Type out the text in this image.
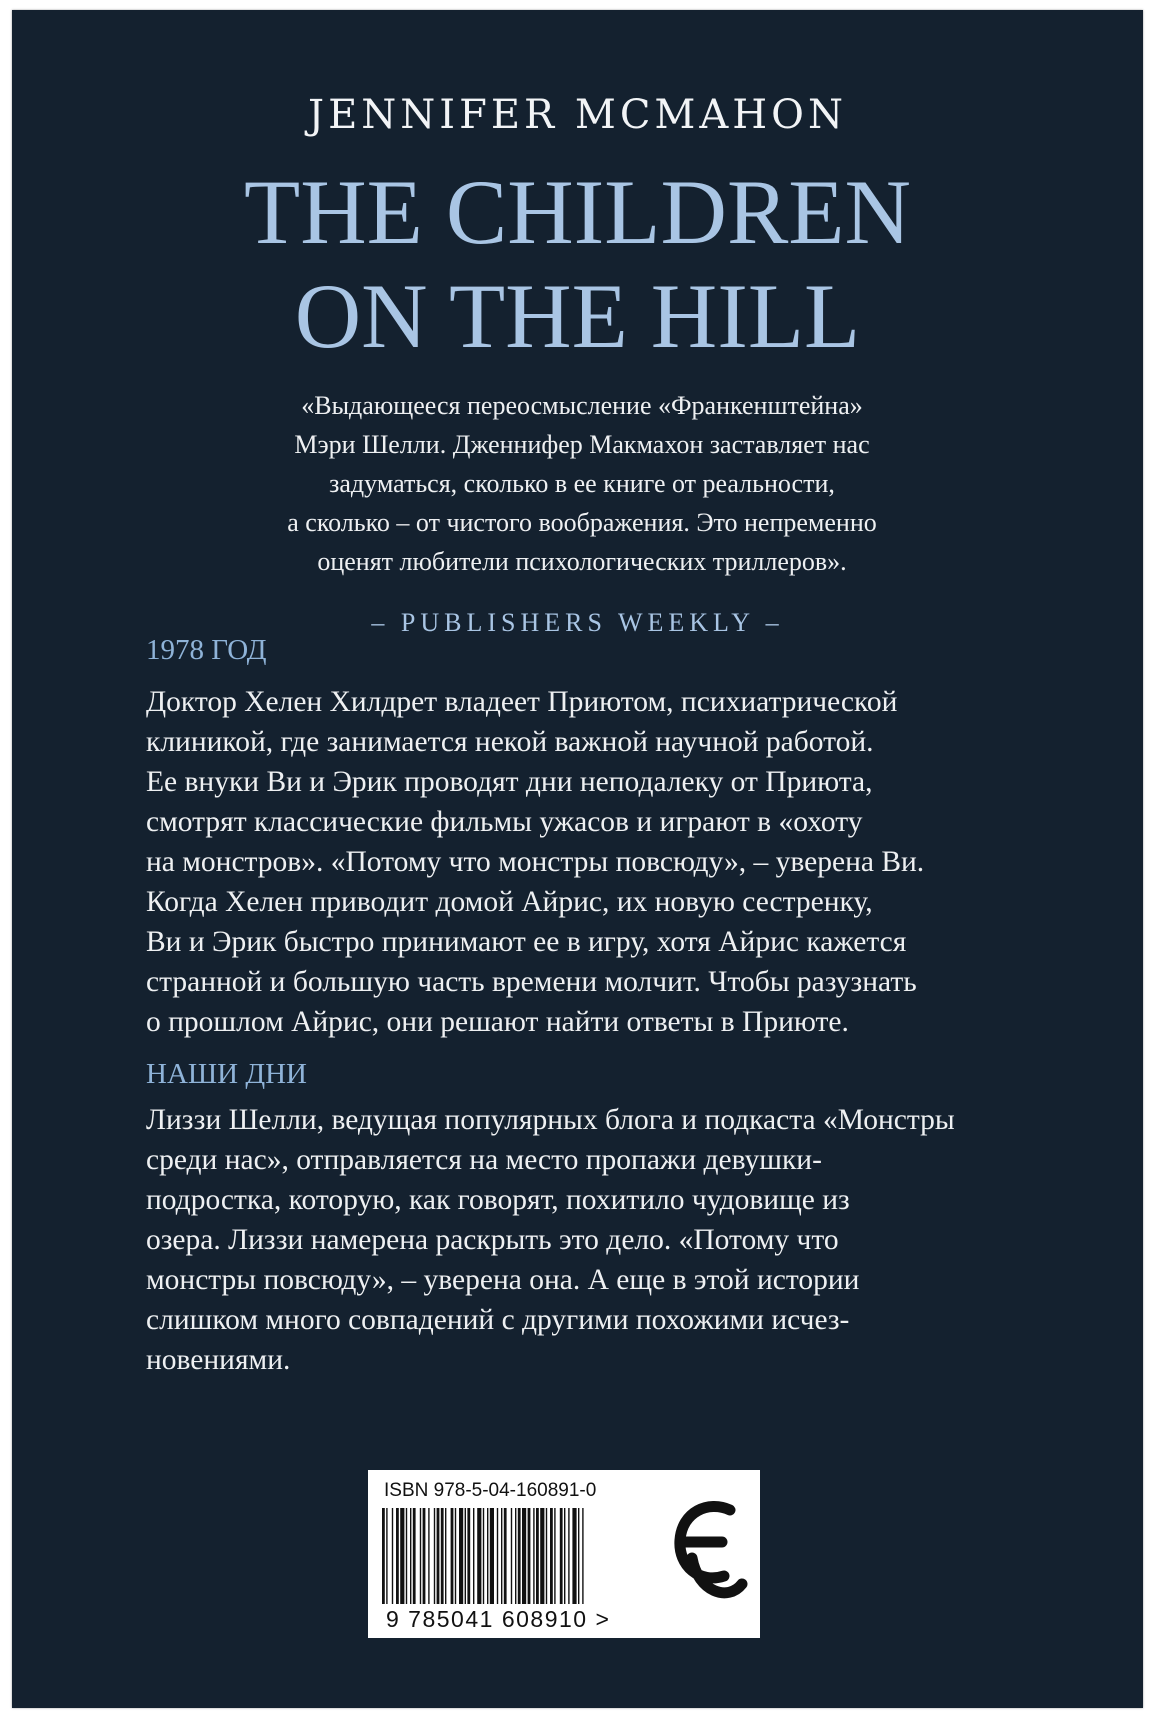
JENNIFER MCMAHON
THE CHILDREN
ON THE HILL
«Выдающееся переосмысление «Франкенштейна»
Мэри Шелли. Дженнифер Макмахон заставляет нас
задуматься, сколько в ее книге от реальности,
а сколько – от чистого воображения. Это непременно
оценят любители психологических триллеров».
– PUBLISHERS WEEKLY –
1978 ГОД
Доктор Хелен Хилдрет владеет Приютом, психиатрической
клиникой, где занимается некой важной научной работой.
Ее внуки Ви и Эрик проводят дни неподалеку от Приюта,
смотрят классические фильмы ужасов и играют в «охоту
на монстров». «Потому что монстры повсюду», – уверена Ви.
Когда Хелен приводит домой Айрис, их новую сестренку,
Ви и Эрик быстро принимают ее в игру, хотя Айрис кажется
странной и большую часть времени молчит. Чтобы разузнать
о прошлом Айрис, они решают найти ответы в Приюте.
НАШИ ДНИ
Лиззи Шелли, ведущая популярных блога и подкаста «Монстры
среди нас», отправляется на место пропажи девушки-
подростка, которую, как говорят, похитило чудовище из
озера. Лиззи намерена раскрыть это дело. «Потому что
монстры повсюду», – уверена она. А еще в этой истории
слишком много совпадений с другими похожими исчез-
новениями.
ISBN 978-5-04-160891-0
9 785041 608910 >
